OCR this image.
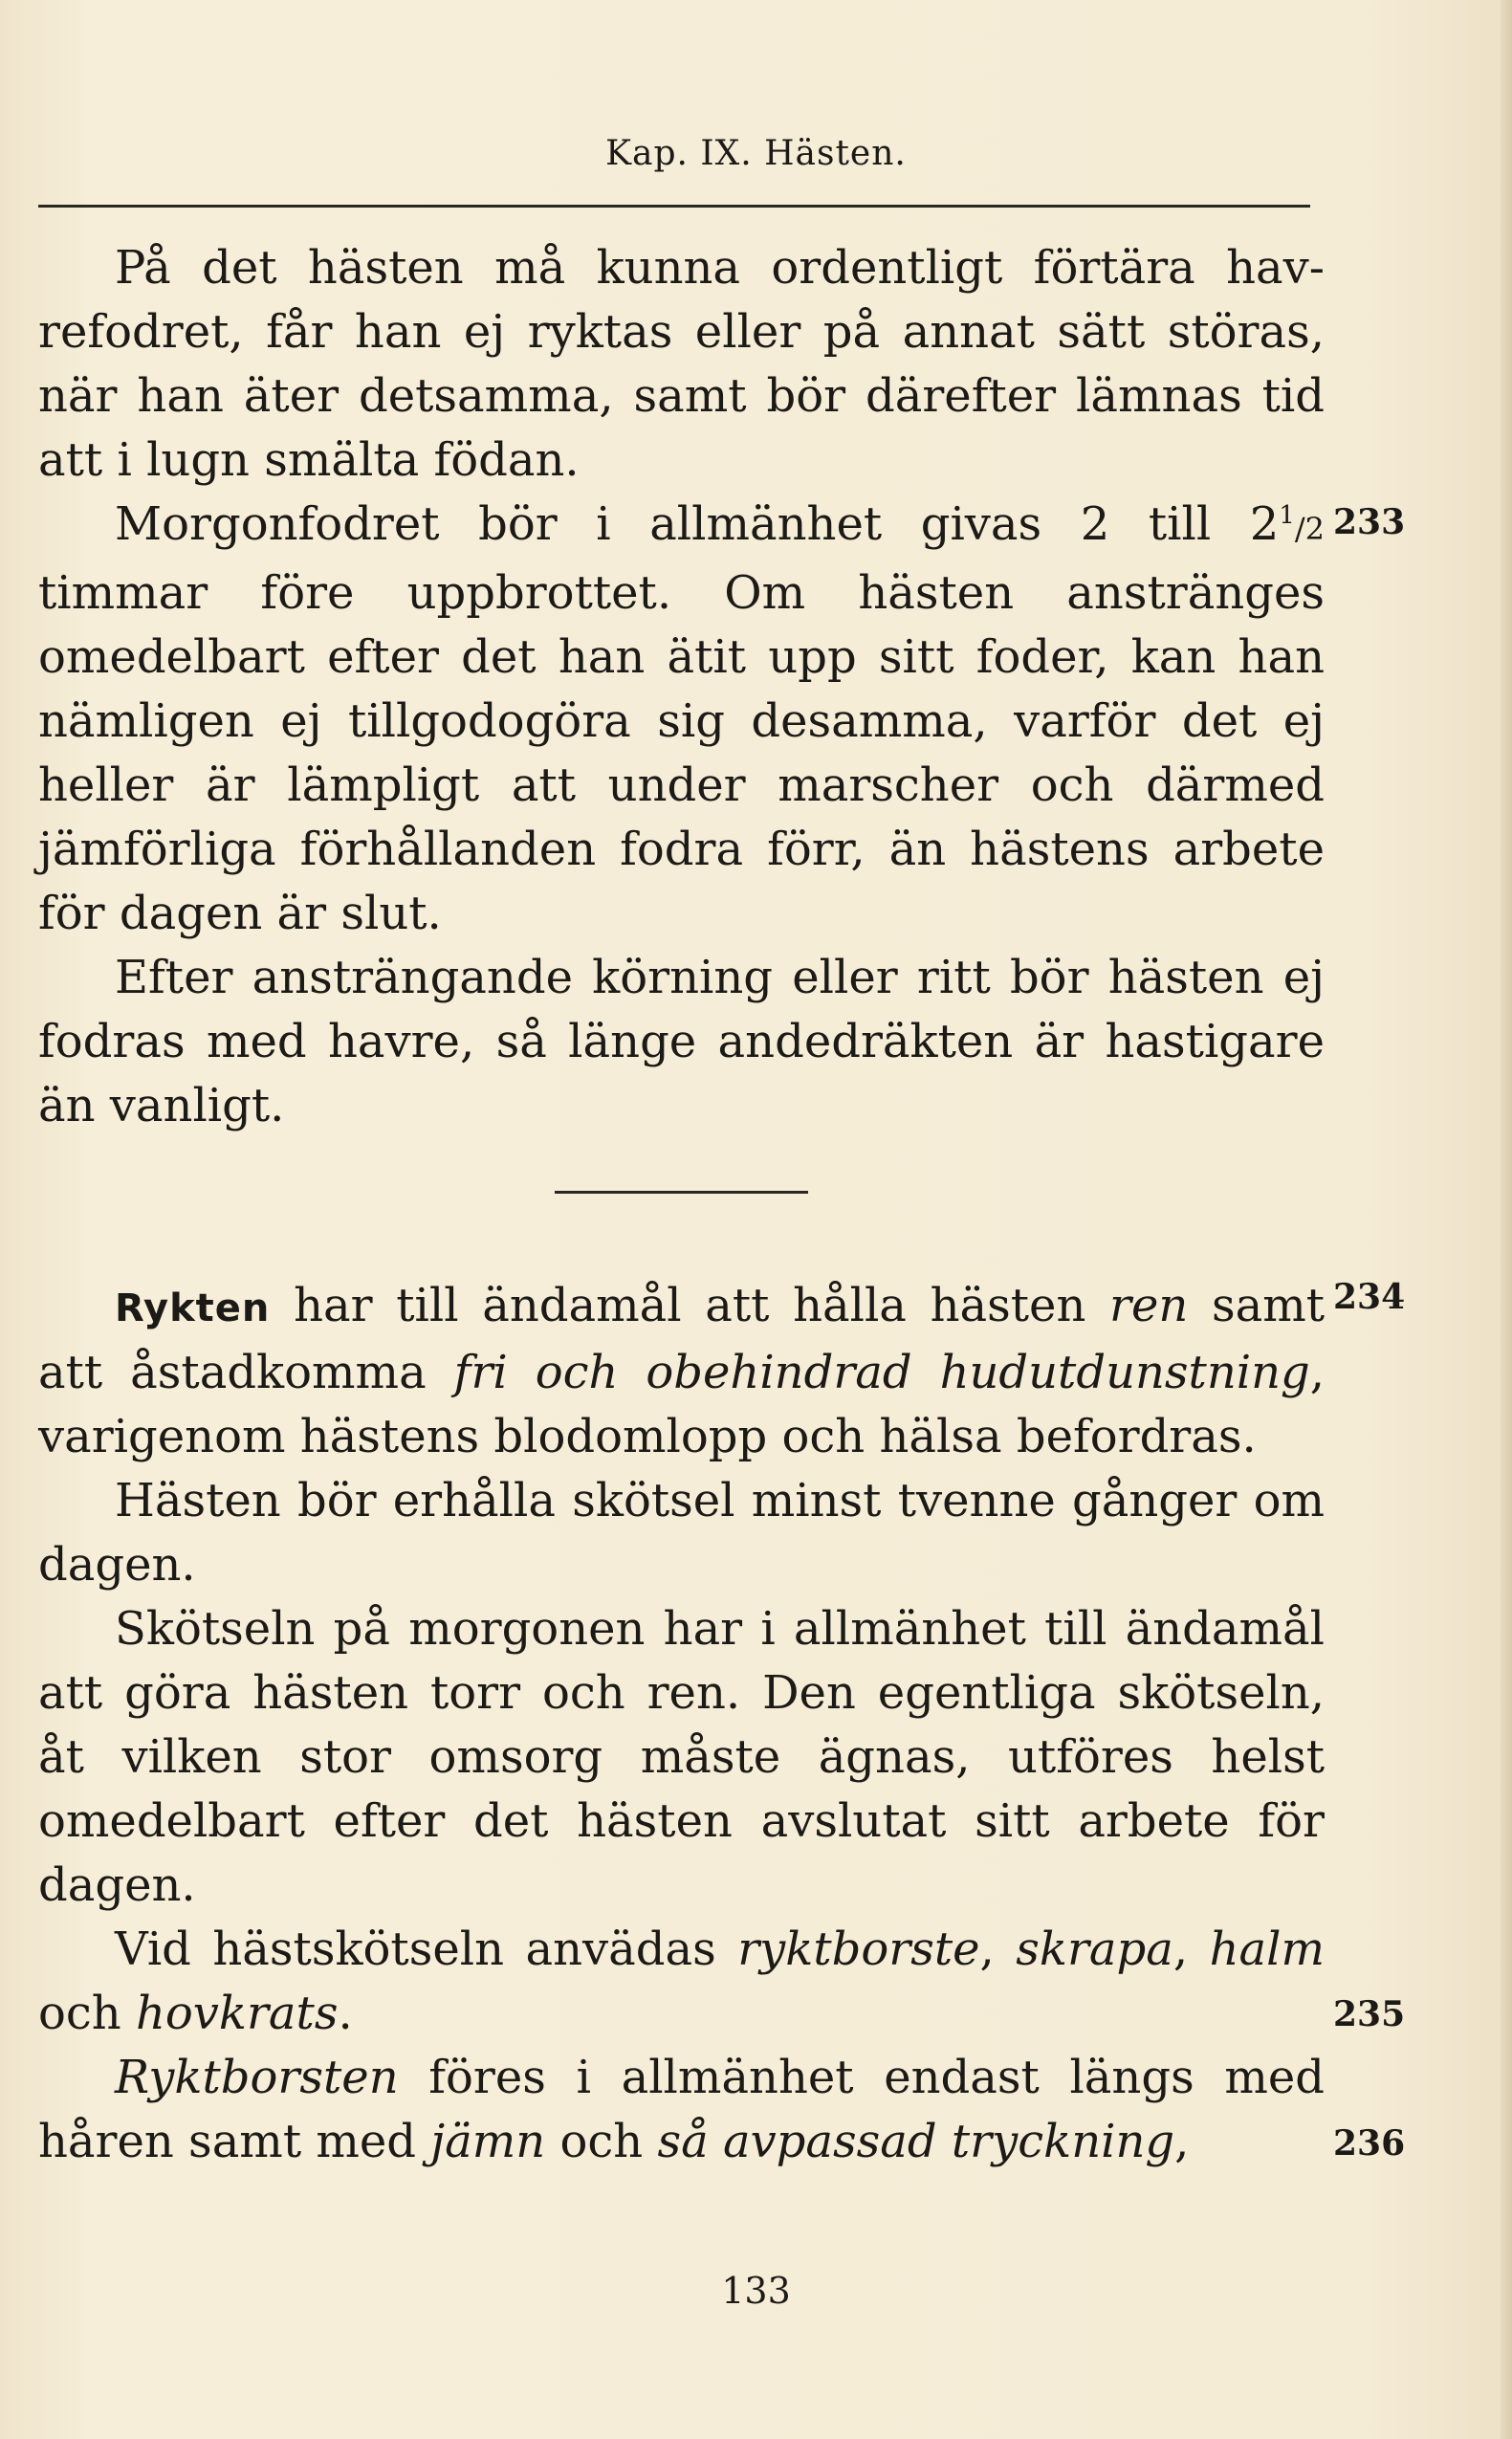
Kap. IX. Hästen.

På det hästen må kunna ordentligt förtära havrefodret, får han ej ryktas eller på annat sätt störas, när han äter detsamma, samt bör därefter lämnas tid att i lugn smälta födan.

Morgonfodret bör i allmänhet givas 2 till $2^1/2$ timmar före uppbrottet. Om hästen anstränges omedelbart efter det han ätit upp sitt foder, kan han nämligen ej tillgodogöra sig desamma, varför det ej heller är lämpligt att under marscher och därmed jämförliga förhållanden fodra förr, än hästens arbete för dagen är slut.

Efter ansträngande körning eller ritt bör hästen ej fodras med havre, så länge andedräkten är hastigare än vanligt.

Rykten har till ändamål att hålla hästen ren samt att åstadkomma fri och obehindrad hudutdunstning, varigenom hästens blodomlopp och hälsa befordras.

Hästen bör erhålla skötsel minst tvenne gånger om dagen.

Skötseln på morgonen har i allmänhet till ändamål att göra hästen torr och ren. Den egentliga skötseln, åt vilken stor omsorg måste ägnas, utföres helst omedelbart efter det hästen avslutat sitt arbete för dagen.

Vid hästskötseln anvädas ryktborste, skrapa, halm och hovkrats.

Ryktborsten föres i allmänhet endast längs med håren samt med jämn och så avpassad tryckning,

233
234
235
236
133
